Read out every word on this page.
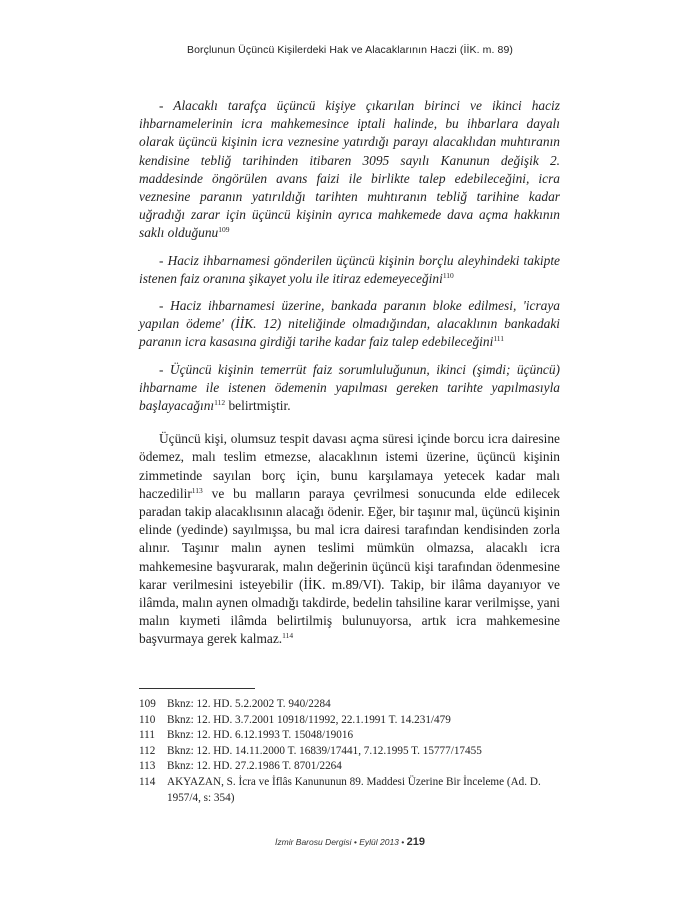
Borçlunun Üçüncü Kişilerdeki Hak ve Alacaklarının Haczi (İİK. m. 89)

- Alacaklı tarafça üçüncü kişiye çıkarılan birinci ve ikinci haciz ihbarnamelerinin icra mahkemesince iptali halinde, bu ihbarlara dayalı olarak üçüncü kişinin icra veznesine yatırdığı parayı alacaklıdan muhtıranın kendisine tebliğ tarihinden itibaren 3095 sayılı Kanunun değişik 2. maddesinde öngörülen avans faizi ile birlikte talep edebileceğini, icra veznesine paranın yatırıldığı tarihten muhtıranın tebliğ tarihine kadar uğradığı zarar için üçüncü kişinin ayrıca mahkemede dava açma hakkının saklı olduğunu$^{109}$

- Haciz ihbarnamesi gönderilen üçüncü kişinin borçlu aleyhindeki takipte istenen faiz oranına şikayet yolu ile itiraz edemeyeceğini$^{110}$

- Haciz ihbarnamesi üzerine, bankada paranın bloke edilmesi, 'icraya yapılan ödeme' (İİK. 12) niteliğinde olmadığından, alacaklının bankadaki paranın icra kasasına girdiği tarihe kadar faiz talep edebileceğini$^{111}$

- Üçüncü kişinin temerrüt faiz sorumluluğunun, ikinci (şimdi; üçüncü) ihbarname ile istenen ödemenin yapılması gereken tarihte yapılmasıyla başlayacağını$^{112}$ belirtmiştir.

Üçüncü kişi, olumsuz tespit davası açma süresi içinde borcu icra dairesine ödemez, malı teslim etmezse, alacaklının istemi üzerine, üçüncü kişinin zimmetinde sayılan borç için, bunu karşılamaya yetecek kadar malı haczedilir$^{113}$ ve bu malların paraya çevrilmesi sonucunda elde edilecek paradan takip alacaklısının alacağı ödenir. Eğer, bir taşınır mal, üçüncü kişinin elinde (yedinde) sayılmışsa, bu mal icra dairesi tarafından kendisinden zorla alınır. Taşınır malın aynen teslimi mümkün olmazsa, alacaklı icra mahkemesine başvurarak, malın değerinin üçüncü kişi tarafından ödenmesine karar verilmesini isteyebilir (İİK. m.89/VI). Takip, bir ilâma dayanıyor ve ilâmda, malın aynen olmadığı takdirde, bedelin tahsiline karar verilmişse, yani malın kıymeti ilâmda belirtilmiş bulunuyorsa, artık icra mahkemesine başvurmaya gerek kalmaz.$^{114}$

109	Bknz: 12. HD. 5.2.2002 T. 940/2284
110	Bknz: 12. HD. 3.7.2001 10918/11992, 22.1.1991 T. 14.231/479
111	Bknz: 12. HD. 6.12.1993 T. 15048/19016
112	Bknz: 12. HD. 14.11.2000 T. 16839/17441, 7.12.1995 T. 15777/17455
113	Bknz: 12. HD. 27.2.1986 T. 8701/2264
114	AKYAZAN, S. İcra ve İflâs Kanununun 89. Maddesi Üzerine Bir İnceleme (Ad. D. 1957/4, s: 354)
İzmir Barosu Dergisi • Eylül 2013 • 219
